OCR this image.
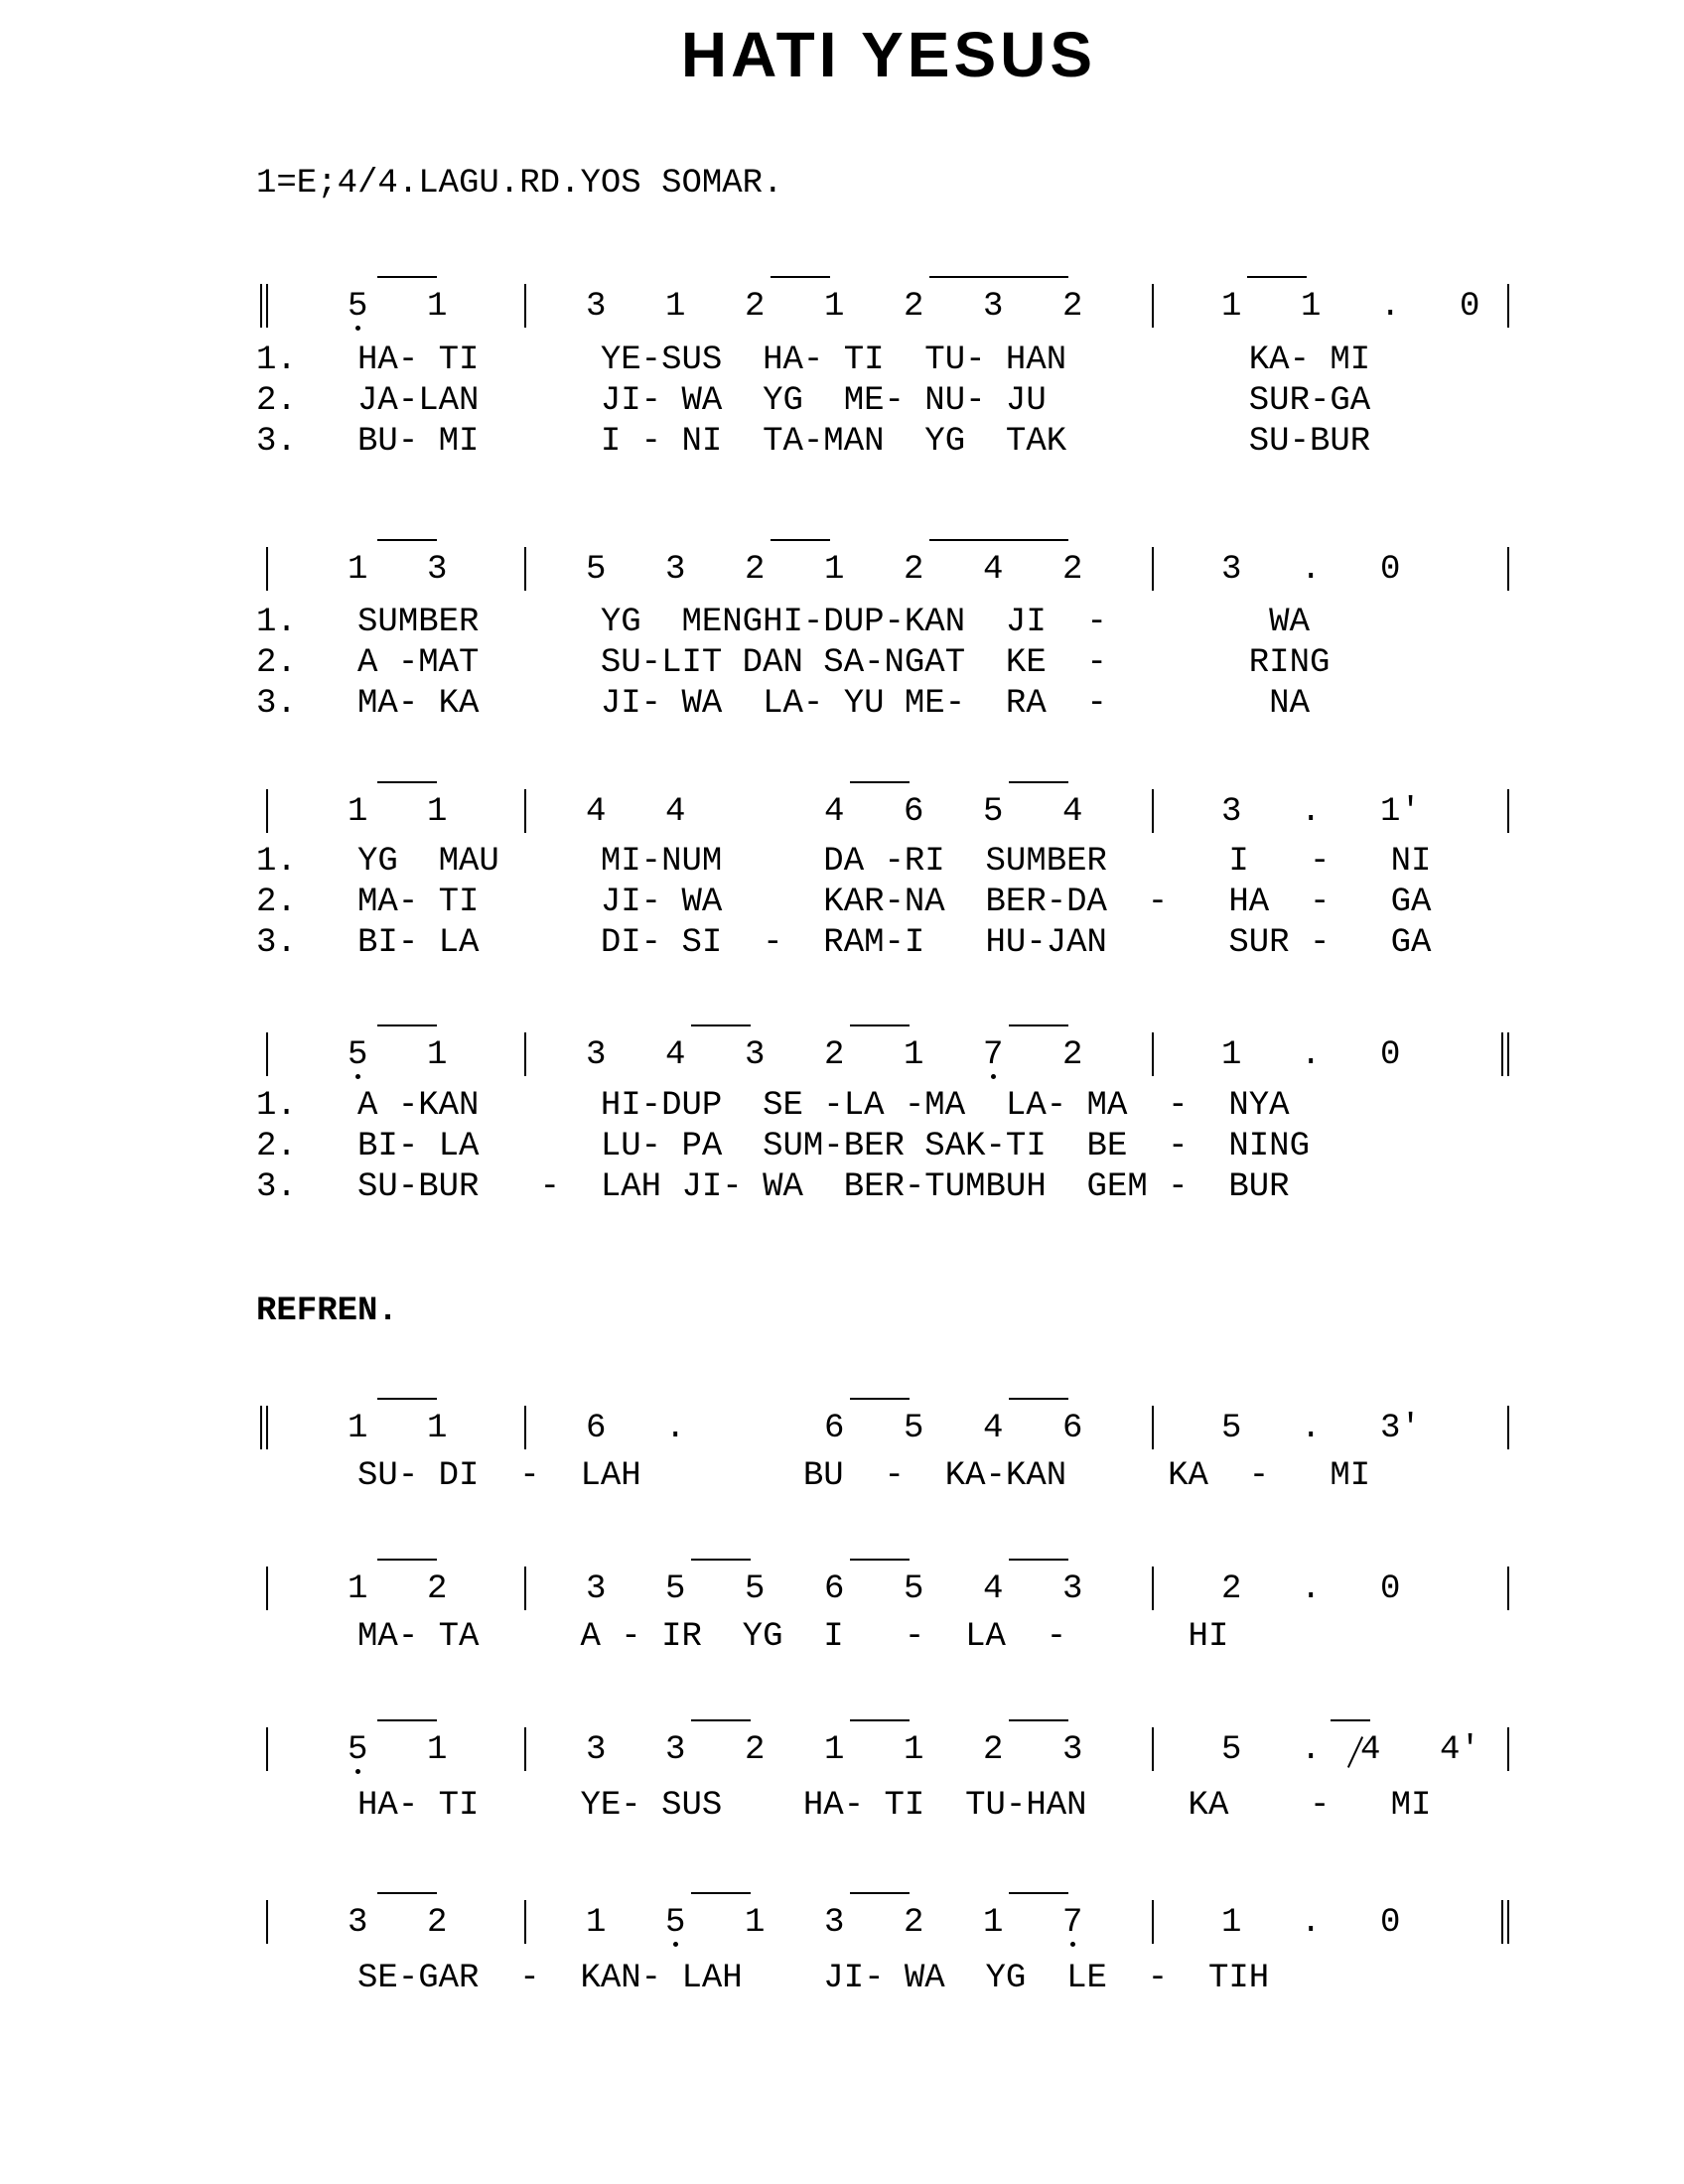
HATI YESUS
1=E;4/4.LAGU.RD.YOS SOMAR.
REFREN.
5 1	3 1 2 1 2 3 2	1 1 . 0
1.   HA- TI      YE-SUS  HA- TI  TU- HAN         KA- MI
2.   JA-LAN      JI- WA  YG  ME- NU- JU          SUR-GA
3.   BU- MI      I - NI  TA-MAN  YG  TAK         SU-BUR
1 3	5 3 2 1 2 4 2	3 . 0
1.   SUMBER      YG  MENGHI-DUP-KAN  JI  -        WA
2.   A -MAT      SU-LIT DAN SA-NGAT  KE  -       RING
3.   MA- KA      JI- WA  LA- YU ME-  RA  -        NA
1 1	4 4	4 6 5 4	3 . 1'
1.   YG  MAU     MI-NUM     DA -RI  SUMBER      I   -   NI
2.   MA- TI      JI- WA     KAR-NA  BER-DA  -   HA  -   GA
3.   BI- LA      DI- SI  -  RAM-I   HU-JAN      SUR -   GA
5 1	3 4 3 2 1 7 2	1 . 0
1.   A -KAN      HI-DUP  SE -LA -MA  LA- MA  -  NYA
2.   BI- LA      LU- PA  SUM-BER SAK-TI  BE  -  NING
3.   SU-BUR   -  LAH JI- WA  BER-TUMBUH  GEM -  BUR
1 1	6 .	6 5 4 6	5 . 3'
SU- DI  -  LAH        BU  -  KA-KAN     KA  -   MI
1 2	3 5 5 6 5 4 3	2 . 0
MA- TA     A - IR  YG  I   -  LA  -      HI
5 1	3 3 2 1 1 2 3	5 . 4 4'
HA- TI     YE- SUS    HA- TI  TU-HAN     KA    -   MI
3 2	1 5 1 3 2 1 7	1 . 0
SE-GAR  -  KAN- LAH    JI- WA  YG  LE  -  TIH
